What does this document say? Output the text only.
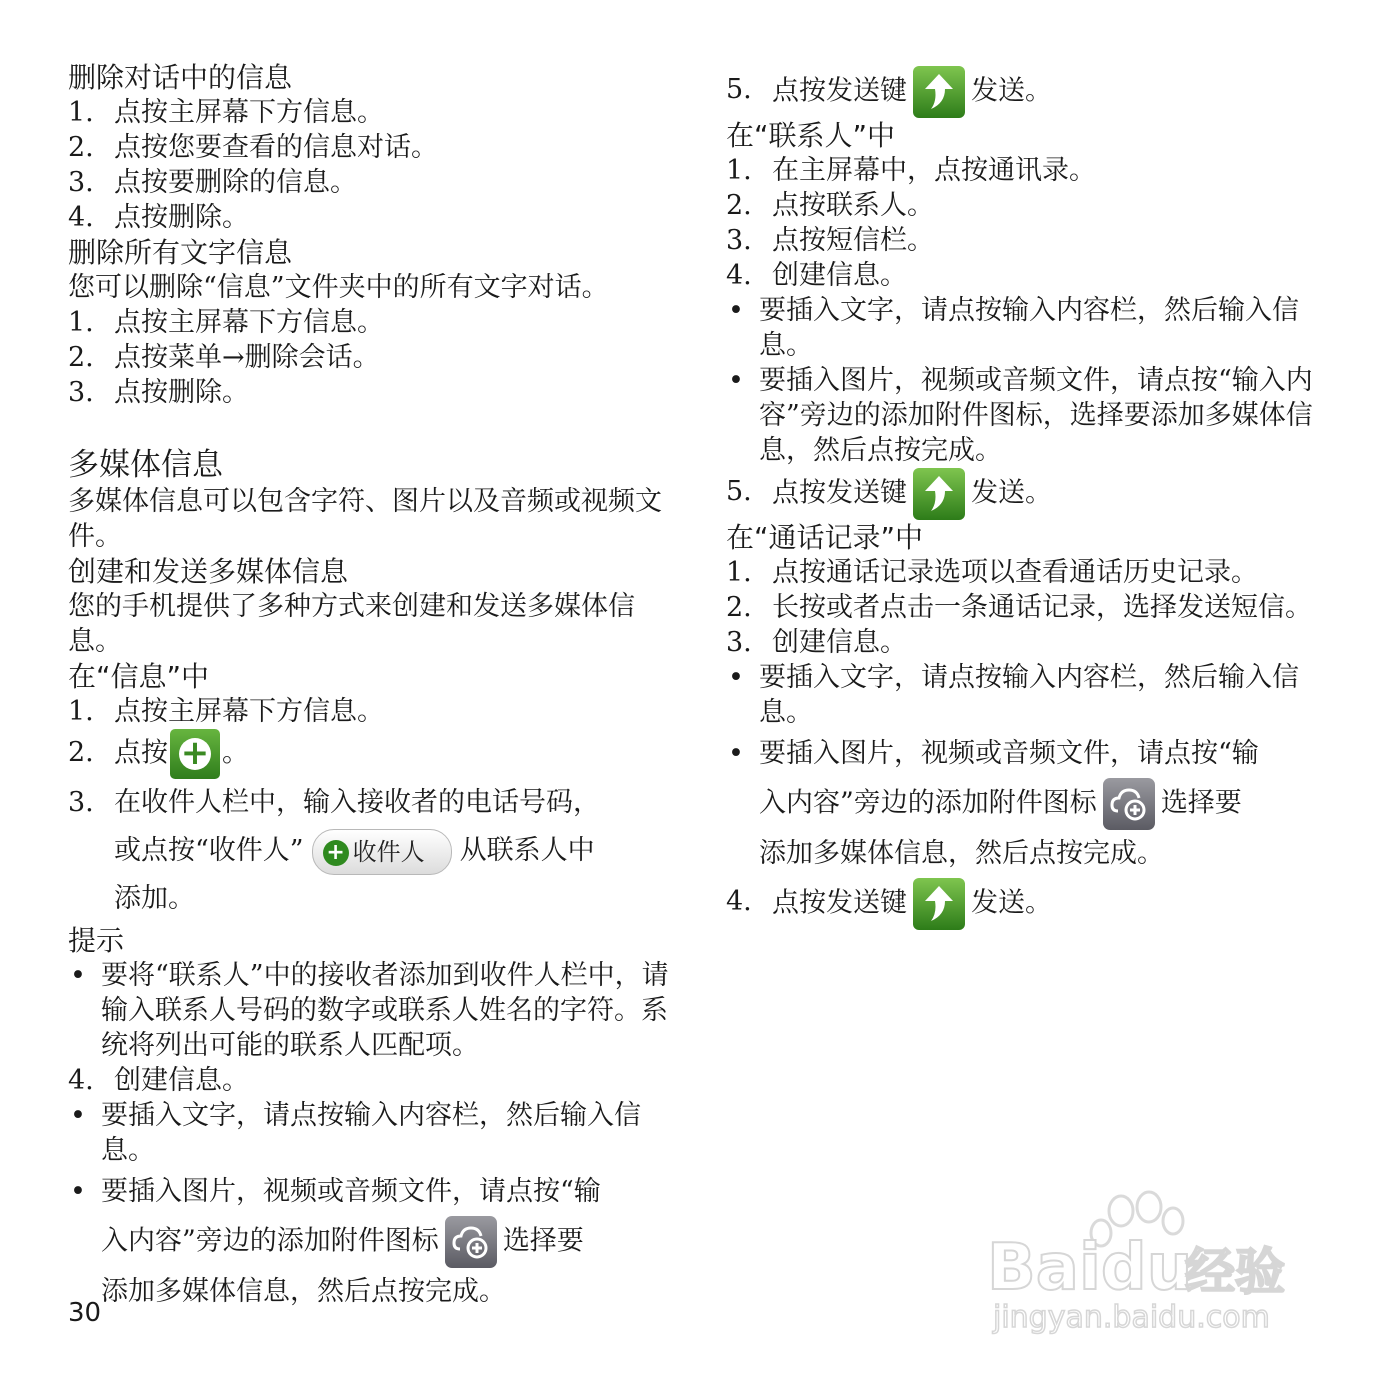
删除对话中的信息

1. 点按主屏幕下方信息。
2. 点按您要查看的信息对话。
3. 点按要删除的信息。
4. 点按删除。

删除所有文字信息

您可以删除“信息”文件夹中的所有文字对话。

1. 点按主屏幕下方信息。
2. 点按菜单→删除会话。
3. 点按删除。

多媒体信息

多媒体信息可以包含字符、图片以及音频或视频文件。

创建和发送多媒体信息

您的手机提供了多种方式来创建和发送多媒体信息。

在“信息”中

1. 点按主屏幕下方信息。
2. 点按+ 。
3. 在收件人栏中，输入接收者的电话号码，
或点按“收件人” + 收件人 从联系人中
添加。

提示

• 要将“联系人”中的接收者添加到收件人栏中，请输入联系人号码的数字或联系人姓名的字符。系统将列出可能的联系人匹配项。
4. 创建信息。
• 要插入文字，请点按输入内容栏，然后输入信息。
• 要插入图片，视频或音频文件，请点按“输
入内容”旁边的添加附件图标 选择要
添加多媒体信息，然后点按完成。
5. 点按发送键 发送。

在“联系人”中

1. 在主屏幕中，点按通讯录。
2. 点按联系人。
3. 点按短信栏。
4. 创建信息。
• 要插入文字，请点按输入内容栏，然后输入信息。
• 要插入图片，视频或音频文件，请点按“输入内容”旁边的添加附件图标，选择要添加多媒体信息，然后点按完成。
5. 点按发送键 发送。

在“通话记录”中

1. 点按通话记录选项以查看通话历史记录。
2. 长按或者点击一条通话记录，选择发送短信。
3. 创建信息。
• 要插入文字，请点按输入内容栏，然后输入信息。
• 要插入图片，视频或音频文件，请点按“输
入内容”旁边的添加附件图标 选择要
添加多媒体信息，然后点按完成。
4. 点按发送键 发送。
30
Baidu
经验
jingyan.baidu.com
